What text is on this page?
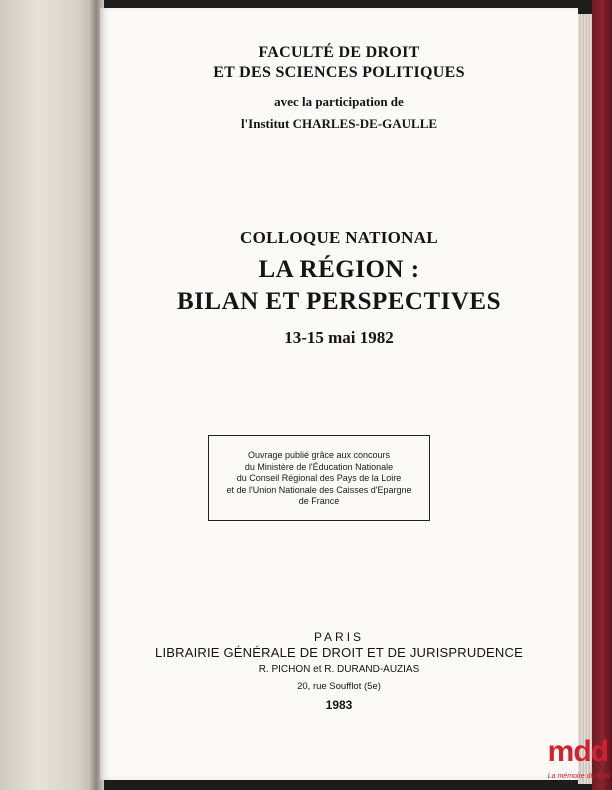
FACULTÉ DE DROIT
ET DES SCIENCES POLITIQUES
avec la participation de
l'Institut CHARLES-DE-GAULLE
COLLOQUE NATIONAL
LA RÉGION :
BILAN ET PERSPECTIVES
13-15 mai 1982
Ouvrage publié grâce aux concours
du Ministère de l'Éducation Nationale
du Conseil Régional des Pays de la Loire
et de l'Union Nationale des Caisses d'Epargne
de France
PARIS
LIBRAIRIE GÉNÉRALE DE DROIT ET DE JURISPRUDENCE
R. PICHON et R. DURAND-AUZIAS
20, rue Soufflot (5e)
1983
mdd
La mémoire du droit
